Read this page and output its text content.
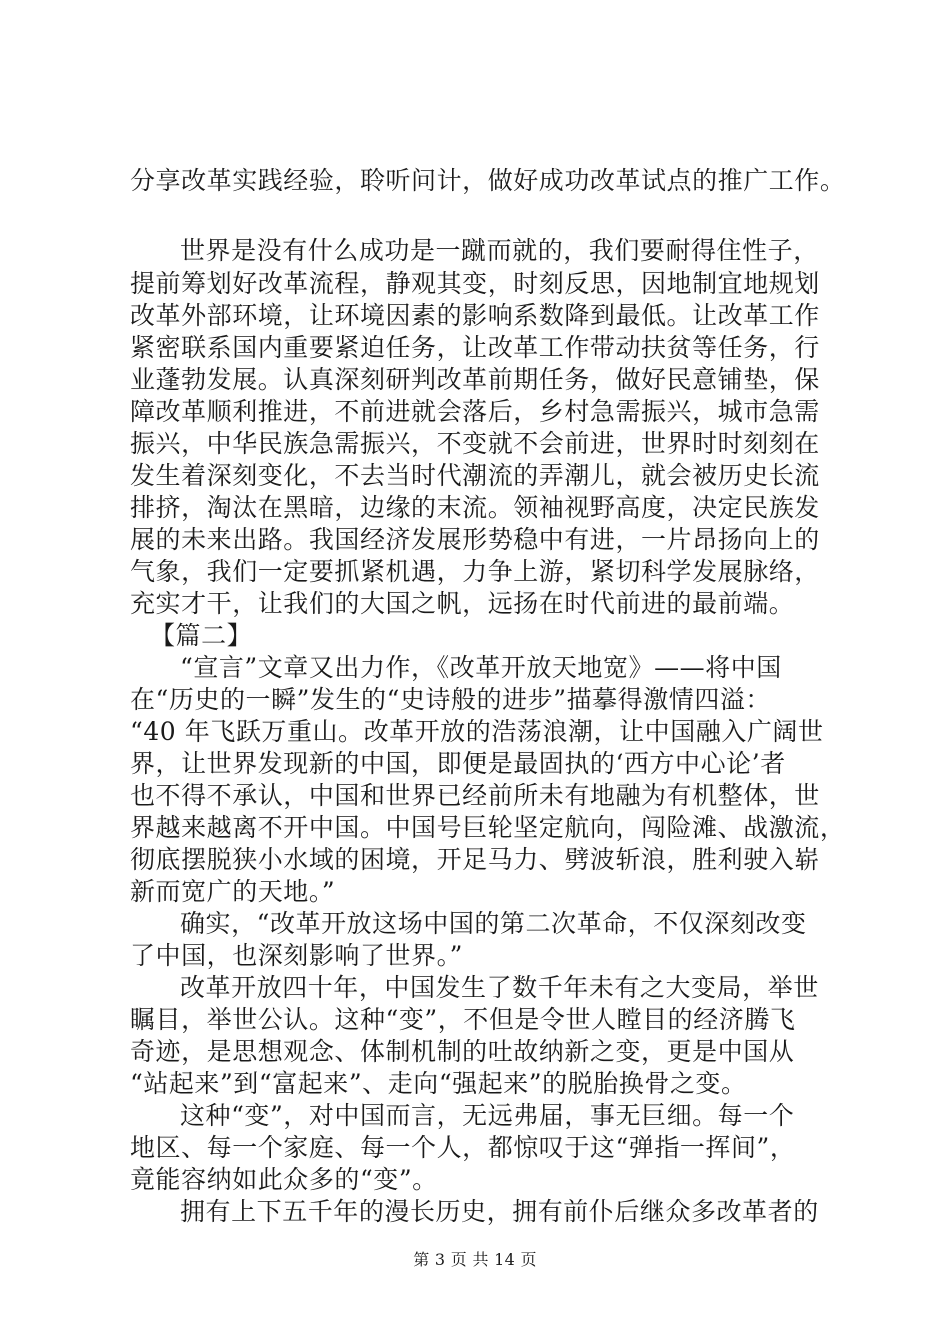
分享改革实践经验，聆听问计，做好成功改革试点的推广工作。
世界是没有什么成功是一蹴而就的，我们要耐得住性子，
提前筹划好改革流程，静观其变，时刻反思，因地制宜地规划
改革外部环境，让环境因素的影响系数降到最低。让改革工作
紧密联系国内重要紧迫任务，让改革工作带动扶贫等任务，行
业蓬勃发展。认真深刻研判改革前期任务，做好民意铺垫，保
障改革顺利推进，不前进就会落后，乡村急需振兴，城市急需
振兴，中华民族急需振兴，不变就不会前进，世界时时刻刻在
发生着深刻变化，不去当时代潮流的弄潮儿，就会被历史长流
排挤，淘汰在黑暗，边缘的末流。领袖视野高度，决定民族发
展的未来出路。我国经济发展形势稳中有进，一片昂扬向上的
气象，我们一定要抓紧机遇，力争上游，紧切科学发展脉络，
充实才干，让我们的大国之帆，远扬在时代前进的最前端。
【篇二】
“宣言”文章又出力作，《改革开放天地宽》——将中国
在“历史的一瞬”发生的“史诗般的进步”描摹得激情四溢：
“40 年飞跃万重山。改革开放的浩荡浪潮，让中国融入广阔世
界，让世界发现新的中国，即便是最固执的‘西方中心论’者
也不得不承认，中国和世界已经前所未有地融为有机整体，世
界越来越离不开中国。中国号巨轮坚定航向，闯险滩、战激流，
彻底摆脱狭小水域的困境，开足马力、劈波斩浪，胜利驶入崭
新而宽广的天地。”
确实，“改革开放这场中国的第二次革命，不仅深刻改变
了中国，也深刻影响了世界。”
改革开放四十年，中国发生了数千年未有之大变局，举世
瞩目，举世公认。这种“变”，不但是令世人瞠目的经济腾飞
奇迹，是思想观念、体制机制的吐故纳新之变，更是中国从
“站起来”到“富起来”、走向“强起来”的脱胎换骨之变。
这种“变”，对中国而言，无远弗届，事无巨细。每一个
地区、每一个家庭、每一个人，都惊叹于这“弹指一挥间”，
竟能容纳如此众多的“变”。
拥有上下五千年的漫长历史，拥有前仆后继众多改革者的
第 3 页 共 14 页
